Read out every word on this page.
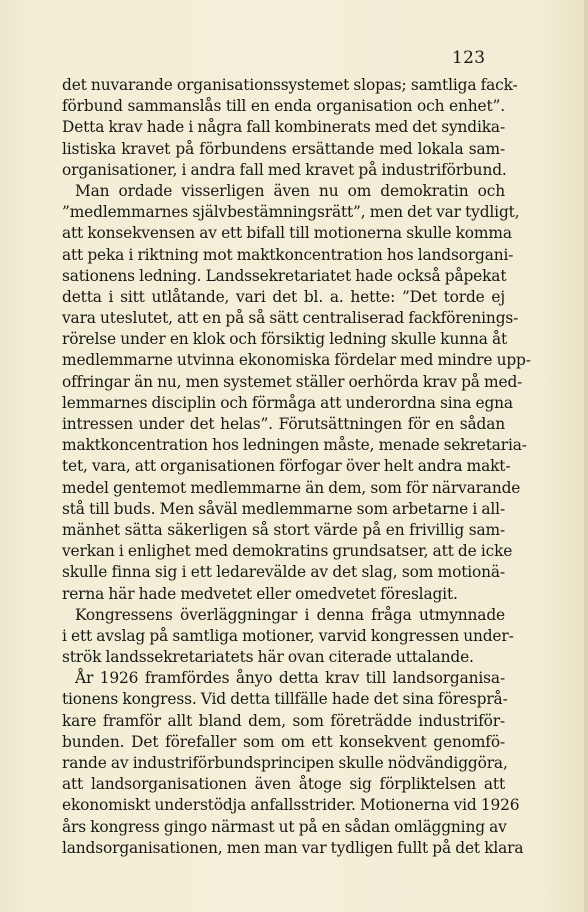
123
det nuvarande organisationssystemet slopas; samtliga fack-
förbund sammanslås till en enda organisation och enhet”.
Detta krav hade i några fall kombinerats med det syndika-
listiska kravet på förbundens ersättande med lokala sam-
organisationer, i andra fall med kravet på industriförbund.
Man ordade visserligen även nu om demokratin och
”medlemmarnes självbestämningsrätt”, men det var tydligt,
att konsekvensen av ett bifall till motionerna skulle komma
att peka i riktning mot maktkoncentration hos landsorgani-
sationens ledning. Landssekretariatet hade också påpekat
detta i sitt utlåtande, vari det bl. a. hette: ”Det torde ej
vara uteslutet, att en på så sätt centraliserad fackförenings-
rörelse under en klok och försiktig ledning skulle kunna åt
medlemmarne utvinna ekonomiska fördelar med mindre upp-
offringar än nu, men systemet ställer oerhörda krav på med-
lemmarnes disciplin och förmåga att underordna sina egna
intressen under det helas”. Förutsättningen för en sådan
maktkoncentration hos ledningen måste, menade sekretaria-
tet, vara, att organisationen förfogar över helt andra makt-
medel gentemot medlemmarne än dem, som för närvarande
stå till buds. Men såväl medlemmarne som arbetarne i all-
mänhet sätta säkerligen så stort värde på en frivillig sam-
verkan i enlighet med demokratins grundsatser, att de icke
skulle finna sig i ett ledarevälde av det slag, som motionä-
rerna här hade medvetet eller omedvetet föreslagit.
Kongressens överläggningar i denna fråga utmynnade
i ett avslag på samtliga motioner, varvid kongressen under-
strök landssekretariatets här ovan citerade uttalande.
År 1926 framfördes ånyo detta krav till landsorganisa-
tionens kongress. Vid detta tillfälle hade det sina föresprå-
kare framför allt bland dem, som företrädde industriför-
bunden. Det förefaller som om ett konsekvent genomfö-
rande av industriförbundsprincipen skulle nödvändiggöra,
att landsorganisationen även åtoge sig förpliktelsen att
ekonomiskt understödja anfallsstrider. Motionerna vid 1926
års kongress gingo närmast ut på en sådan omläggning av
landsorganisationen, men man var tydligen fullt på det klara
